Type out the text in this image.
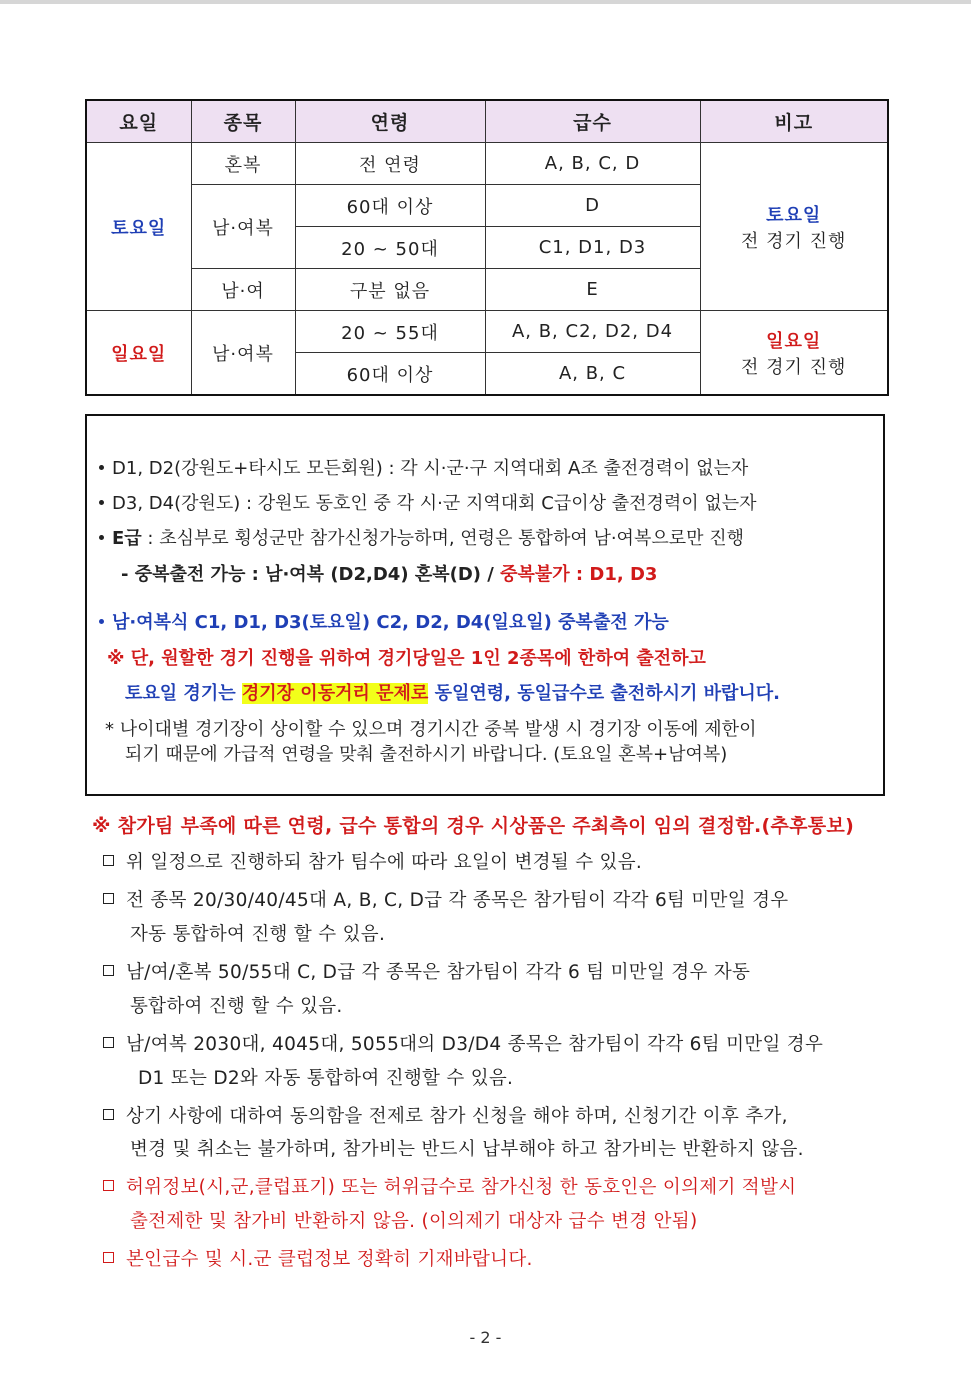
요일	종목	연령	급수	비고
토요일	혼복	전 연령	A, B, C, D	토요일
전 경기 진행

	남·여복	60대 이상	D	
		20 ~ 50대	C1, D1, D3	
	남·여	구분 없음	E	
일요일	남·여복	20 ~ 55대	A, B, C2, D2, D4	일요일
전 경기 진행

		60대 이상	A, B, C	
D1, D2(강원도+타시도 모든회원) : 각 시·군·구 지역대회 A조 출전경력이 없는자
D3, D4(강원도) : 강원도 동호인 중 각 시·군 지역대회 C급이상 출전경력이 없는자
E급 : 초심부로 횡성군만 참가신청가능하며, 연령은 통합하여 남·여복으로만 진행
- 중복출전 가능 : 남·여복 (D2,D4) 혼복(D) / 중복불가 : D1, D3
남·여복식 C1, D1, D3(토요일) C2, D2, D4(일요일) 중복출전 가능
※ 단, 원할한 경기 진행을 위하여 경기당일은 1인 2종목에 한하여 출전하고
토요일 경기는 경기장 이동거리 문제로 동일연령, 동일급수로 출전하시기 바랍니다.
* 나이대별 경기장이 상이할 수 있으며 경기시간 중복 발생 시 경기장 이동에 제한이
되기 때문에 가급적 연령을 맞춰 출전하시기 바랍니다. (토요일 혼복+남여복)
※ 참가팀 부족에 따른 연령, 급수 통합의 경우 시상품은 주최측이 임의 결정함.(추후통보)
위 일정으로 진행하되 참가 팀수에 따라 요일이 변경될 수 있음.
전 종목 20/30/40/45대 A, B, C, D급 각 종목은 참가팀이 각각 6팀 미만일 경우
자동 통합하여 진행 할 수 있음.
남/여/혼복 50/55대 C, D급 각 종목은 참가팀이 각각 6 팀 미만일 경우 자동
통합하여 진행 할 수 있음.
남/여복 2030대, 4045대, 5055대의 D3/D4 종목은 참가팀이 각각 6팀 미만일 경우
D1 또는 D2와 자동 통합하여 진행할 수 있음.
상기 사항에 대하여 동의함을 전제로 참가 신청을 해야 하며, 신청기간 이후 추가,
변경 및 취소는 불가하며, 참가비는 반드시 납부해야 하고 참가비는 반환하지 않음.
허위정보(시,군,클럽표기) 또는 허위급수로 참가신청 한 동호인은 이의제기 적발시
출전제한 및 참가비 반환하지 않음. (이의제기 대상자 급수 변경 안됨)
본인급수 및 시.군 클럽정보 정확히 기재바랍니다.
- 2 -
